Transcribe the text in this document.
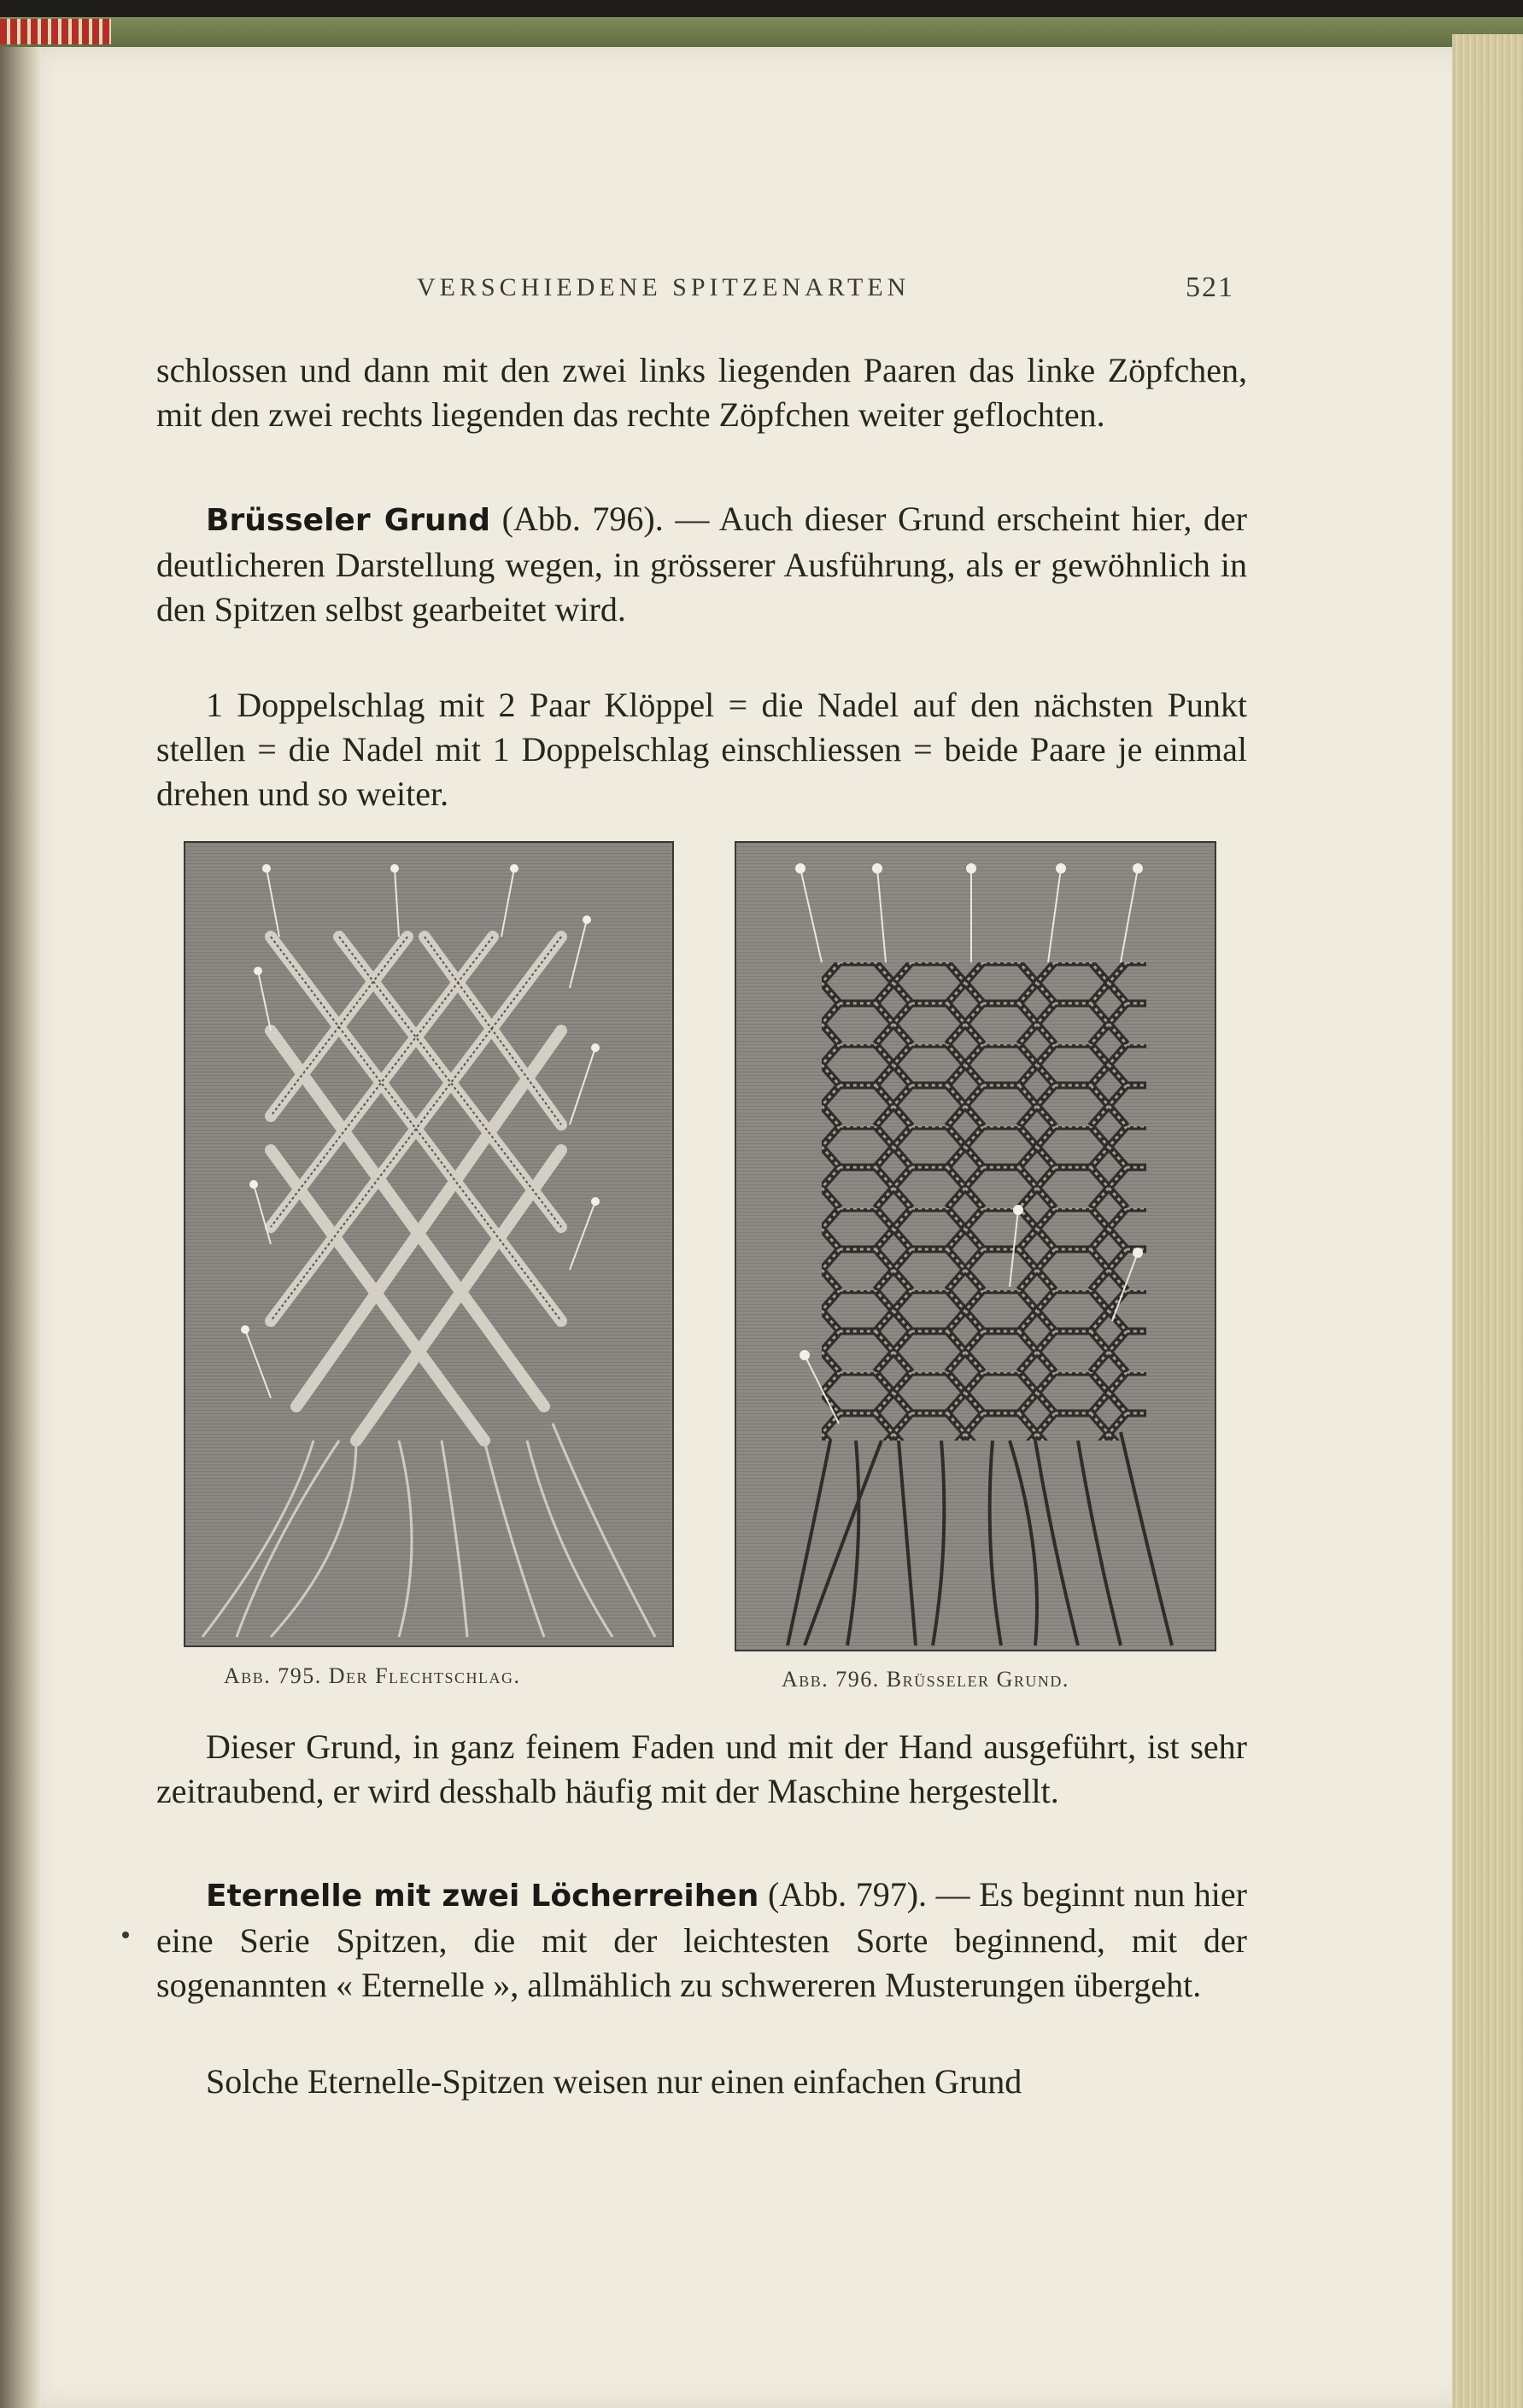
VERSCHIEDENE SPITZENARTEN	521

schlossen und dann mit den zwei links liegenden Paaren das linke Zöpfchen, mit den zwei rechts liegenden das rechte Zöpfchen weiter geflochten.

Brüsseler Grund (Abb. 796). — Auch dieser Grund erscheint hier, der deutlicheren Darstellung wegen, in grösserer Ausführung, als er gewöhnlich in den Spitzen selbst gearbeitet wird.

1 Doppelschlag mit 2 Paar Klöppel = die Nadel auf den nächsten Punkt stellen = die Nadel mit 1 Doppelschlag einschliessen = beide Paare je einmal drehen und so weiter.

Abb. 795. Der Flechtschlag.	Abb. 796. Brüsseler Grund.

Dieser Grund, in ganz feinem Faden und mit der Hand ausgeführt, ist sehr zeitraubend, er wird desshalb häufig mit der Maschine hergestellt.

Eternelle mit zwei Löcherreihen (Abb. 797). — Es beginnt nun hier eine Serie Spitzen, die mit der leichtesten Sorte beginnend, mit der sogenannten « Eternelle », allmählich zu schwereren Musterungen übergeht.

Solche Eternelle-Spitzen weisen nur einen einfachen Grund
